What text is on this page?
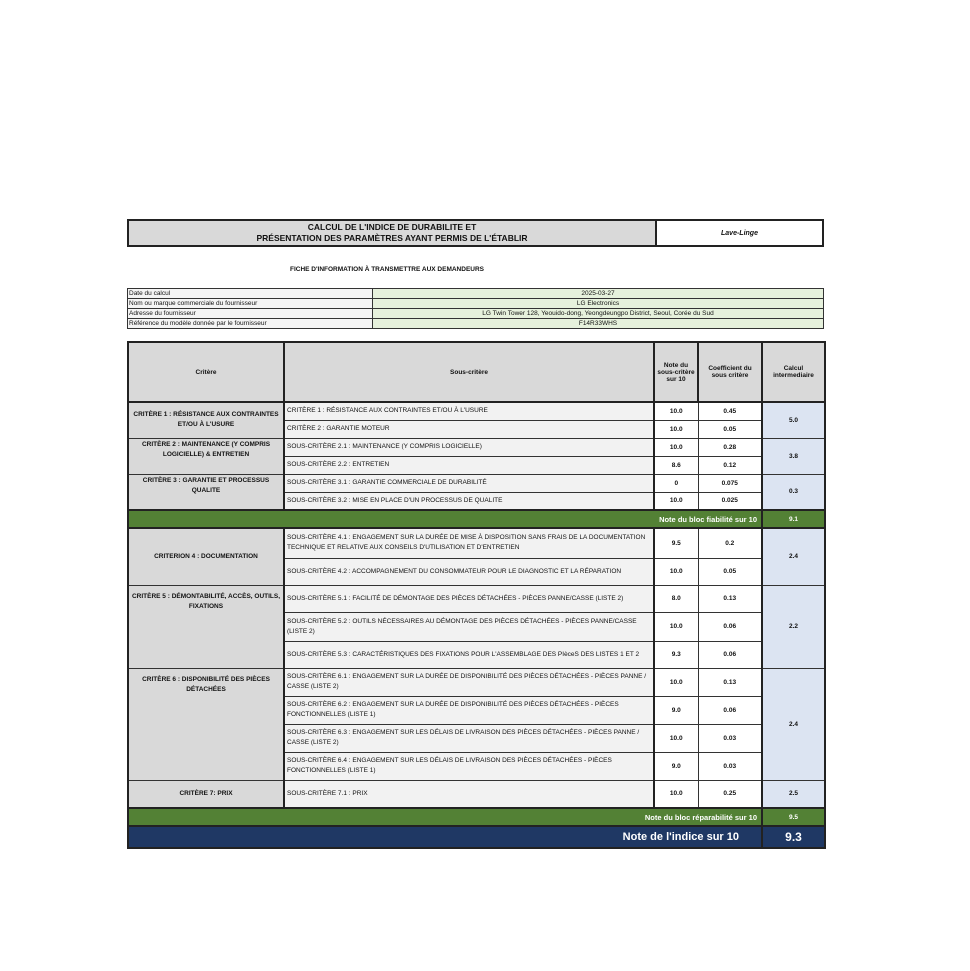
CALCUL DE L'INDICE DE DURABILITE ET
PRÉSENTATION DES PARAMÈTRES AYANT PERMIS DE L'ÉTABLIR	Lave-Linge
FICHE D'INFORMATION À TRANSMETTRE AUX DEMANDEURS
Date du calcul	2025-03-27
Nom ou marque commerciale du fournisseur	LG Electronics
Adresse du fournisseur	LG Twin Tower 128, Yeouido-dong, Yeongdeungpo District, Seoul, Corée du Sud
Référence du modèle donnée par le fournisseur	F14R33WHS
Critère	Sous-critère	Note du sous-critère sur 10	Coefficient du sous critère	Calcul intermediaire
CRITÈRE 1 : RÉSISTANCE AUX CONTRAINTES ET/OU À L'USURE	CRITÈRE 1 : RÉSISTANCE AUX CONTRAINTES ET/OU À L'USURE	10.0	0.45	5.0
	CRITÈRE 2 : GARANTIE MOTEUR	10.0	0.05	
CRITÈRE 2 : MAINTENANCE (Y COMPRIS LOGICIELLE) & ENTRETIEN	SOUS-CRITÈRE 2.1 : MAINTENANCE (Y COMPRIS LOGICIELLE)	10.0	0.28	3.8
	SOUS-CRITÈRE 2.2 : ENTRETIEN	8.6	0.12	
CRITÈRE 3 : GARANTIE ET PROCESSUS QUALITE	SOUS-CRITÈRE 3.1 : GARANTIE COMMERCIALE DE DURABILITÉ	0	0.075	0.3
	SOUS-CRITÈRE 3.2 : MISE EN PLACE D'UN PROCESSUS DE QUALITE	10.0	0.025	
Note du bloc fiabilité sur 10				9.1
CRITERION 4 : DOCUMENTATION	SOUS-CRITÈRE 4.1 : ENGAGEMENT SUR LA DURÉE DE MISE À DISPOSITION SANS FRAIS DE LA DOCUMENTATION TECHNIQUE ET RELATIVE AUX CONSEILS D'UTILISATION ET D'ENTRETIEN	9.5	0.2	2.4
	SOUS-CRITÈRE 4.2 : ACCOMPAGNEMENT DU CONSOMMATEUR POUR LE DIAGNOSTIC ET LA RÉPARATION	10.0	0.05	
CRITÈRE 5 : DÉMONTABILITÉ, ACCÈS, OUTILS, FIXATIONS	SOUS-CRITÈRE 5.1 : FACILITÉ DE DÉMONTAGE DES PIÈCES DÉTACHÉES - PIÈCES PANNE/CASSE (LISTE 2)	8.0	0.13	2.2
	SOUS-CRITÈRE 5.2 : OUTILS NÉCESSAIRES AU DÉMONTAGE DES PIÈCES DÉTACHÉES - PIÈCES PANNE/CASSE (LISTE 2)	10.0	0.06	
	SOUS-CRITÈRE 5.3 : CARACTÉRISTIQUES DES FIXATIONS POUR L'ASSEMBLAGE DES PIèceS DES LISTES 1 ET 2	9.3	0.06	
CRITÈRE 6 : DISPONIBILITÉ DES PIÈCES DÉTACHÉES	SOUS-CRITÈRE 6.1 : ENGAGEMENT SUR LA DURÉE DE DISPONIBILITÉ DES PIÈCES DÉTACHÉES - PIÈCES PANNE / CASSE (LISTE 2)	10.0	0.13	2.4
	SOUS-CRITÈRE 6.2 : ENGAGEMENT SUR LA DURÉE DE DISPONIBILITÉ DES PIÈCES DÉTACHÉES - PIÈCES FONCTIONNELLES (LISTE 1)	9.0	0.06	
	SOUS-CRITÈRE 6.3 : ENGAGEMENT SUR LES DÉLAIS DE LIVRAISON DES PIÈCES DÉTACHÉES - PIÈCES PANNE / CASSE (LISTE 2)	10.0	0.03	
	SOUS-CRITÈRE 6.4 : ENGAGEMENT SUR LES DÉLAIS DE LIVRAISON DES PIÈCES DÉTACHÉES - PIÈCES FONCTIONNELLES (LISTE 1)	9.0	0.03	
CRITÈRE 7: PRIX	SOUS-CRITÈRE 7.1 : PRIX	10.0	0.25	2.5
Note du bloc réparabilité sur 10				9.5
Note de l'indice sur 10				9.3
